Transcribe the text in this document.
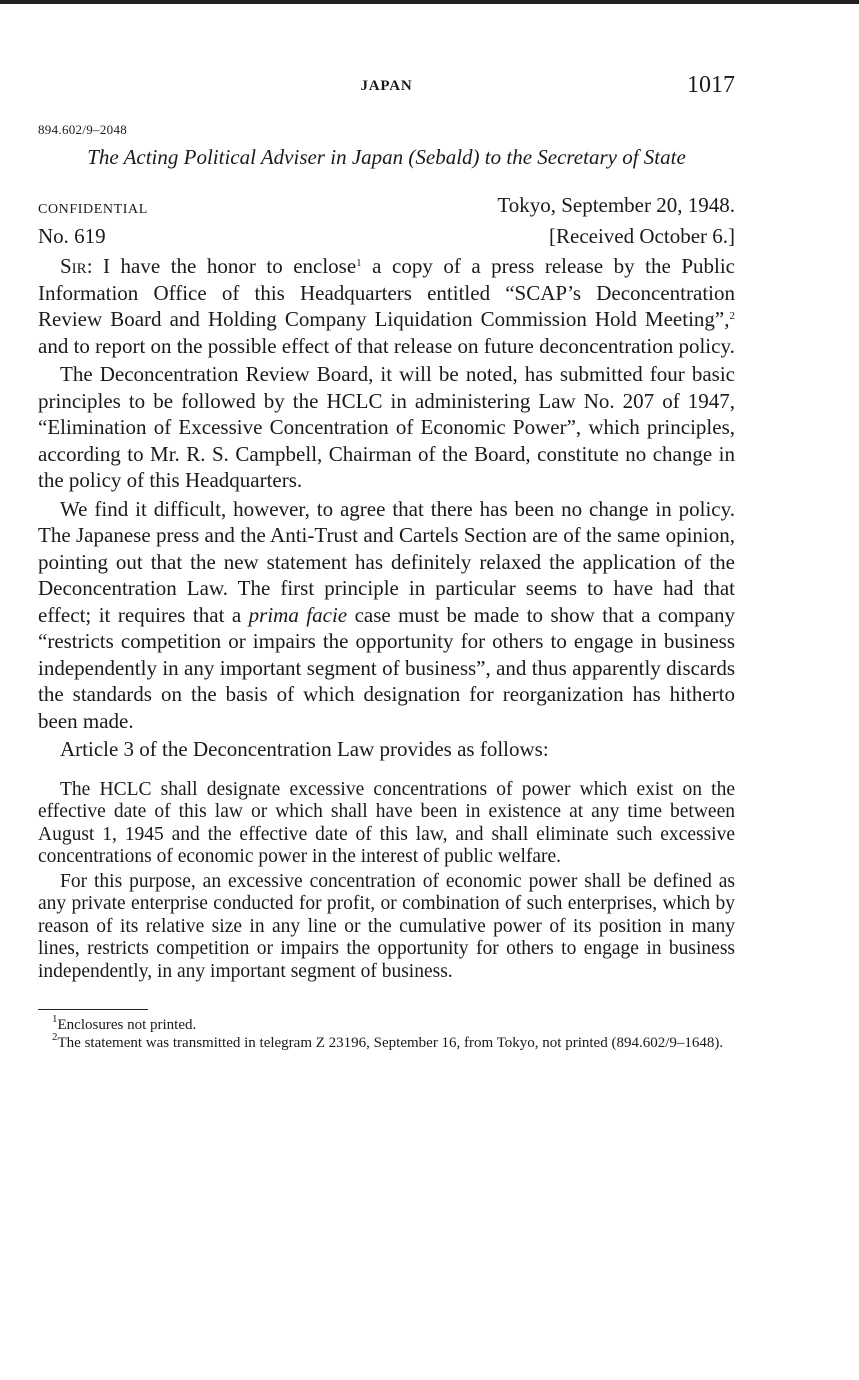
JAPAN	1017
894.602/9–2048
The Acting Political Adviser in Japan (Sebald) to the Secretary of State
CONFIDENTIAL	Tokyo, September 20, 1948.
No. 619	[Received October 6.]

Sir: I have the honor to enclose$^1$ a copy of a press release by the Public Information Office of this Headquarters entitled “SCAP’s Deconcentration Review Board and Holding Company Liquidation Commission Hold Meeting”,$^2$ and to report on the possible effect of that release on future deconcentration policy.

The Deconcentration Review Board, it will be noted, has submitted four basic principles to be followed by the HCLC in administering Law No. 207 of 1947, “Elimination of Excessive Concentration of Economic Power”, which principles, according to Mr. R. S. Campbell, Chairman of the Board, constitute no change in the policy of this Headquarters.

We find it difficult, however, to agree that there has been no change in policy. The Japanese press and the Anti-Trust and Cartels Section are of the same opinion, pointing out that the new statement has definitely relaxed the application of the Deconcentration Law. The first principle in particular seems to have had that effect; it requires that a prima facie case must be made to show that a company “restricts competition or impairs the opportunity for others to engage in business independently in any important segment of business”, and thus apparently discards the standards on the basis of which designation for reorganization has hitherto been made.

Article 3 of the Deconcentration Law provides as follows:

The HCLC shall designate excessive concentrations of power which exist on the effective date of this law or which shall have been in existence at any time between August 1, 1945 and the effective date of this law, and shall eliminate such excessive concentrations of economic power in the interest of public welfare.

For this purpose, an excessive concentration of economic power shall be defined as any private enterprise conducted for profit, or combination of such enterprises, which by reason of its relative size in any line or the cumulative power of its position in many lines, restricts competition or impairs the opportunity for others to engage in business independently, in any important segment of business.

$^1$Enclosures not printed.

$^2$The statement was transmitted in telegram Z 23196, September 16, from Tokyo, not printed (894.602/9–1648).
